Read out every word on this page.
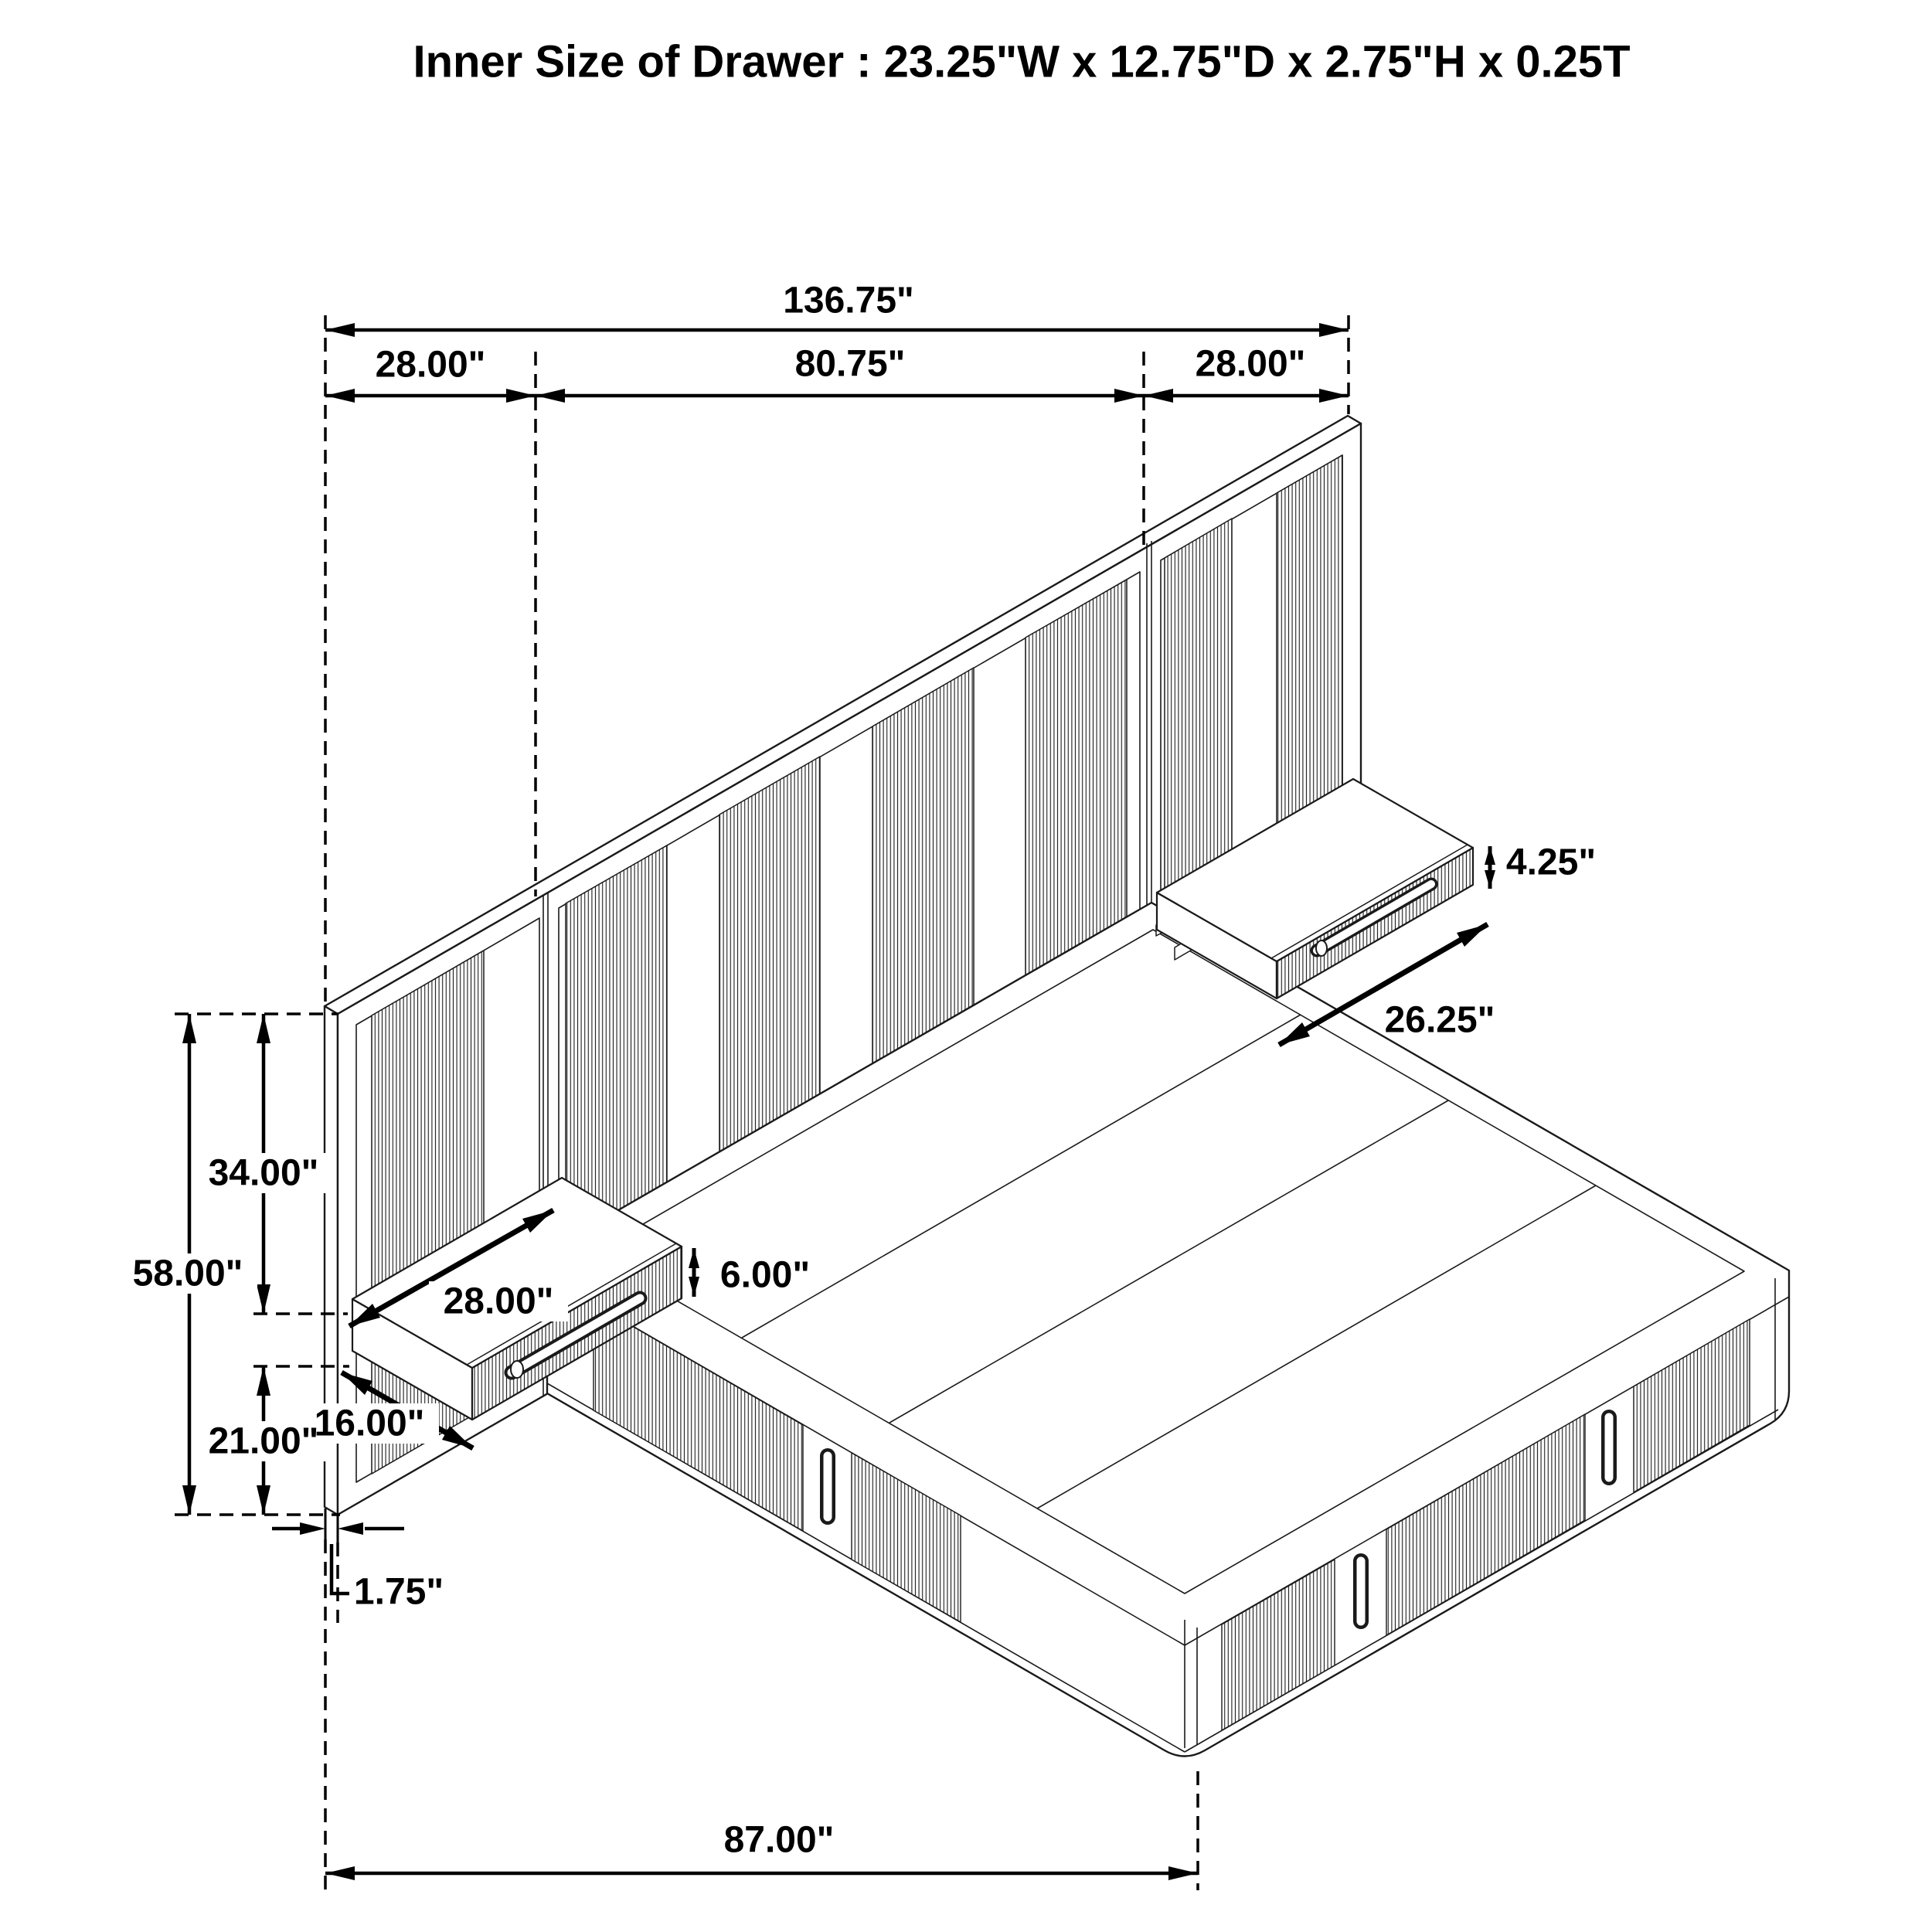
Inner Size of Drawer : 23.25"W x 12.75"D x 2.75"H x 0.25T
136.75"
28.00"	80.75"	28.00"
58.00"
34.00"
21.00"
28.00"
16.00"
6.00"
1.75"
4.25"
26.25"
87.00"
